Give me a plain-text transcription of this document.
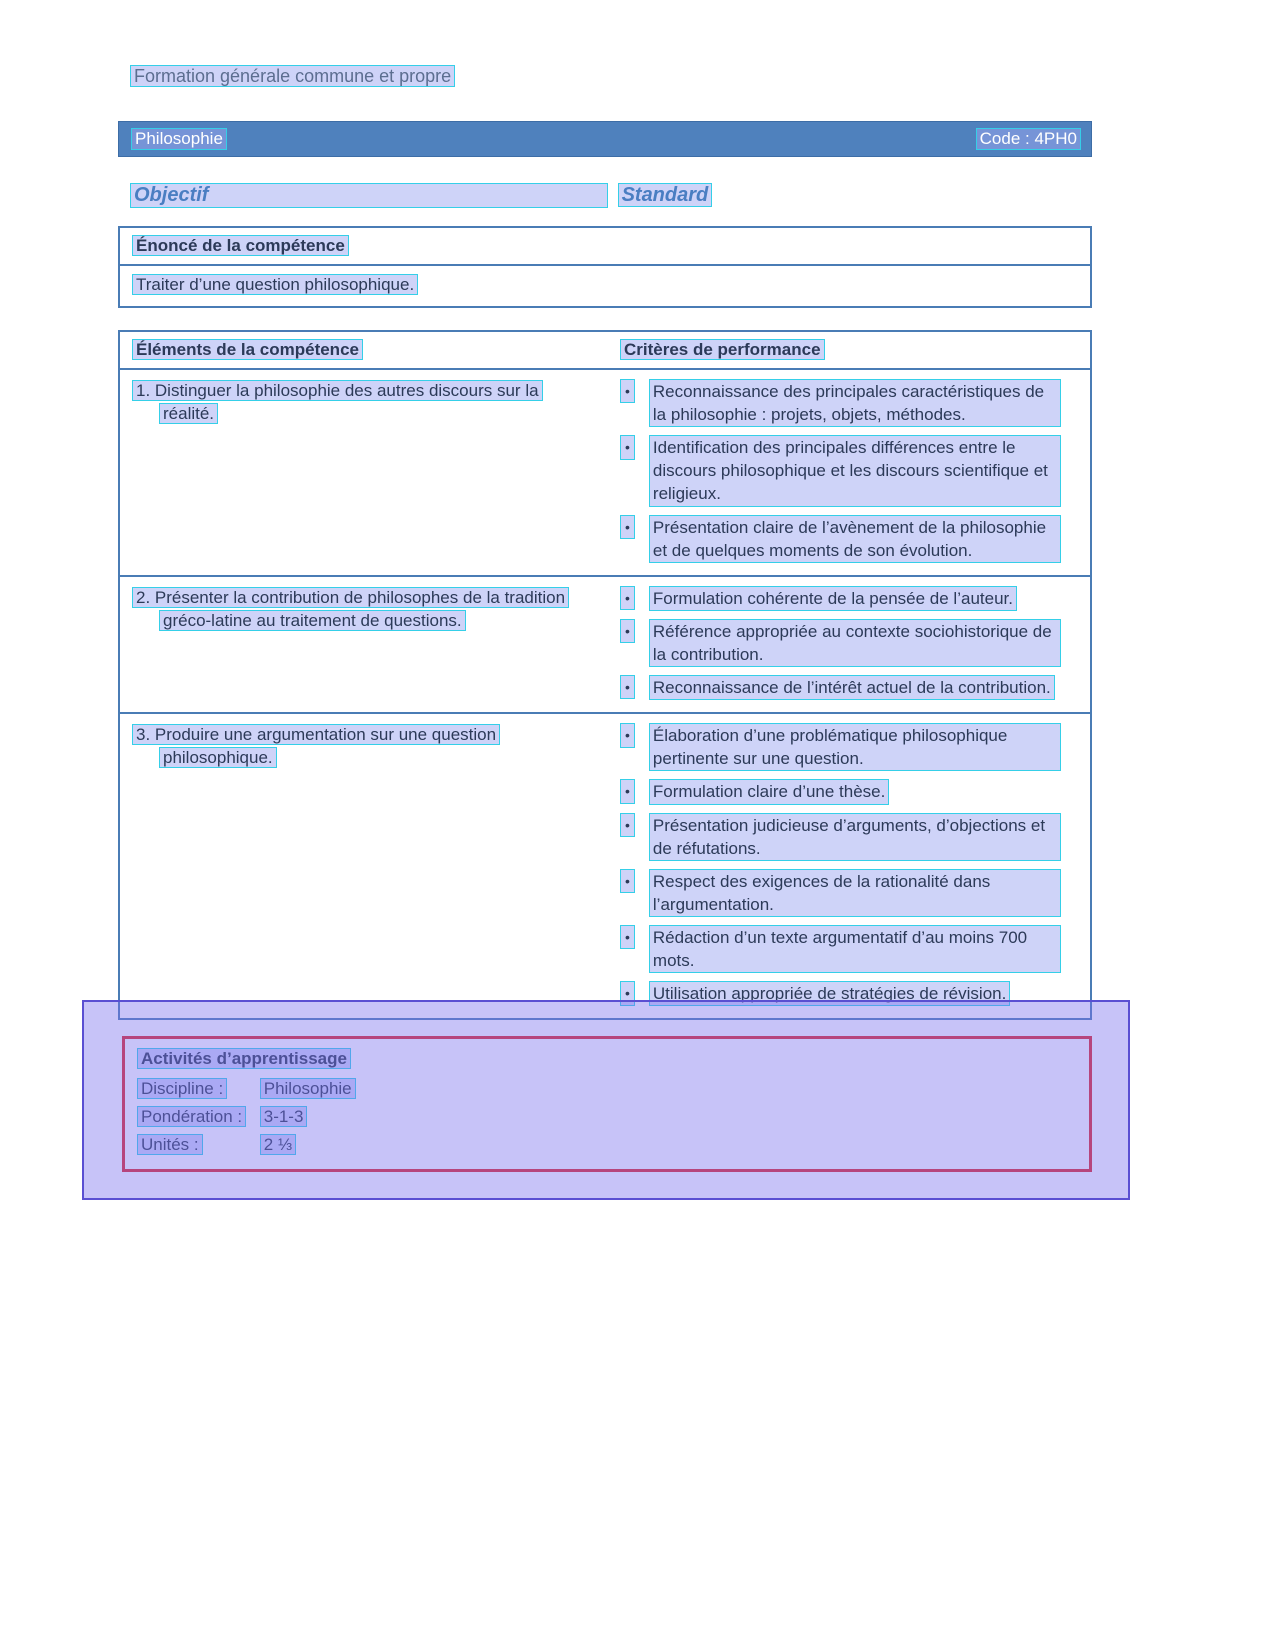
Formation générale commune et propre
Philosophie	Code : 4PH0
Objectif	Standard
Énoncé de la compétence
Traiter d’une question philosophique.
Éléments de la compétence	Critères de performance
1. Distinguer la philosophie des autres discours sur la réalité.
• Reconnaissance des principales caractéristiques de la philosophie : projets, objets, méthodes.
• Identification des principales différences entre le discours philosophique et les discours scientifique et religieux.
• Présentation claire de l’avènement de la philosophie et de quelques moments de son évolution.
2. Présenter la contribution de philosophes de la tradition gréco-latine au traitement de questions.
• Formulation cohérente de la pensée de l’auteur.
• Référence appropriée au contexte sociohistorique de la contribution.
• Reconnaissance de l’intérêt actuel de la contribution.
3. Produire une argumentation sur une question philosophique.
• Élaboration d’une problématique philosophique pertinente sur une question.
• Formulation claire d’une thèse.
• Présentation judicieuse d’arguments, d’objections et de réfutations.
• Respect des exigences de la rationalité dans l’argumentation.
• Rédaction d’un texte argumentatif d’au moins 700 mots.
• Utilisation appropriée de stratégies de révision.
Activités d’apprentissage
Discipline : Philosophie
Pondération : 3-1-3
Unités :	2 ⅓
